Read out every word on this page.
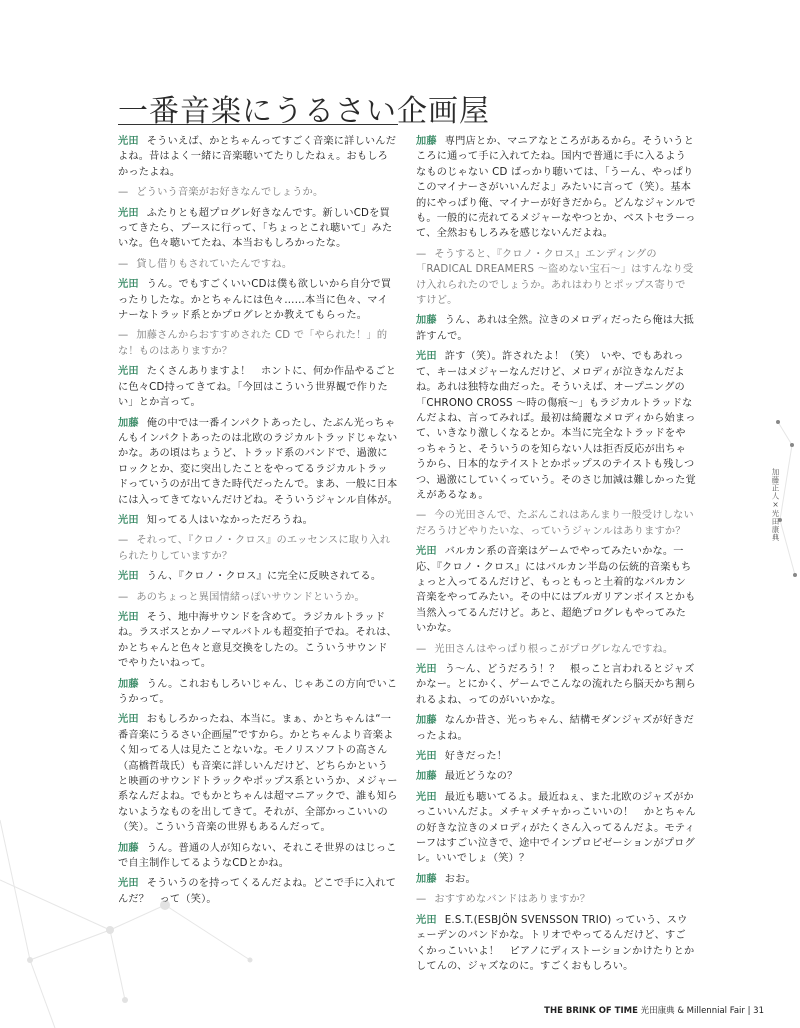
一番音楽にうるさい企画屋

光田 そういえば、かとちゃんってすごく音楽に詳しいんだよね。昔はよく一緒に音楽聴いてたりしたねぇ。おもしろかったよね。

— どういう音楽がお好きなんでしょうか。

光田 ふたりとも超プログレ好きなんです。新しいCDを買ってきたら、ブースに行って、「ちょっとこれ聴いて」みたいな。色々聴いてたね、本当おもしろかったな。

— 貸し借りもされていたんですね。

光田 うん。でもすごくいいCDは僕も欲しいから自分で買ったりしたな。かとちゃんには色々……本当に色々、マイナーなトラッド系とかプログレとか教えてもらった。

— 加藤さんからおすすめされた CD で「やられた！」的な！ものはありますか？

光田 たくさんありますよ！　ホントに、何か作品やるごとに色々CD持ってきてね。「今回はこういう世界観で作りたい」とか言って。

加藤 俺の中では一番インパクトあったし、たぶん光っちゃんもインパクトあったのは北欧のラジカルトラッドじゃないかな。あの頃はちょうど、トラッド系のバンドで、過激にロックとか、変に突出したことをやってるラジカルトラッドっていうのが出てきた時代だったんで。まあ、一般に日本には入ってきてないんだけどね。そういうジャンル自体が。

光田 知ってる人はいなかっただろうね。

— それって、『クロノ・クロス』のエッセンスに取り入れられたりしていますか？

光田 うん、『クロノ・クロス』に完全に反映されてる。

— あのちょっと異国情緒っぽいサウンドというか。

光田 そう、地中海サウンドを含めて。ラジカルトラッドね。ラスボスとかノーマルバトルも超変拍子でね。それは、かとちゃんと色々と意見交換をしたの。こういうサウンドでやりたいねって。

加藤 うん。これおもしろいじゃん、じゃあこの方向でいこうかって。

光田 おもしろかったね、本当に。まぁ、かとちゃんは“一番音楽にうるさい企画屋”ですから。かとちゃんより音楽よく知ってる人は見たことないな。モノリスソフトの高さん（高橋哲哉氏）も音楽に詳しいんだけど、どちらかというと映画のサウンドトラックやポップス系というか、メジャー系なんだよね。でもかとちゃんは超マニアックで、誰も知らないようなものを出してきて。それが、全部かっこいいの（笑）。こういう音楽の世界もあるんだって。

加藤 うん。普通の人が知らない、それこそ世界のはじっこで自主制作してるようなCDとかね。

光田 そういうのを持ってくるんだよね。どこで手に入れてんだ？　って（笑）。

加藤 専門店とか、マニアなところがあるから。そういうところに通って手に入れてたね。国内で普通に手に入るようなものじゃない CD ばっかり聴いては、「うーん、やっぱりこのマイナーさがいいんだよ」みたいに言って（笑）。基本的にやっぱり俺、マイナーが好きだから。どんなジャンルでも。一般的に売れてるメジャーなやつとか、ベストセラーって、全然おもしろみを感じないんだよね。

— そうすると、『クロノ・クロス』エンディングの「RADICAL DREAMERS ～盗めない宝石～」はすんなり受け入れられたのでしょうか。あれはわりとポップス寄りですけど。

加藤 うん、あれは全然。泣きのメロディだったら俺は大抵許すんで。

光田 許す（笑）。許されたよ！（笑）　いや、でもあれって、キーはメジャーなんだけど、メロディが泣きなんだよね。あれは独特な曲だった。そういえば、オープニングの「CHRONO CROSS ～時の傷痕～」もラジカルトラッドなんだよね、言ってみれば。最初は綺麗なメロディから始まって、いきなり激しくなるとか。本当に完全なトラッドをやっちゃうと、そういうのを知らない人は拒否反応が出ちゃうから、日本的なテイストとかポップスのテイストも残しつつ、過激にしていくっていう。そのさじ加減は難しかった覚えがあるなぁ。

— 今の光田さんで、たぶんこれはあんまり一般受けしないだろうけどやりたいな、っていうジャンルはありますか？

光田 バルカン系の音楽はゲームでやってみたいかな。一応、『クロノ・クロス』にはバルカン半島の伝統的音楽もちょっと入ってるんだけど、もっともっと土着的なバルカン音楽をやってみたい。その中にはブルガリアンボイスとかも当然入ってるんだけど。あと、超絶プログレもやってみたいかな。

— 光田さんはやっぱり根っこがプログレなんですね。

光田 う〜ん、どうだろう！？　根っこと言われるとジャズかなー。とにかく、ゲームでこんなの流れたら脳天かち割られるよね、ってのがいいかな。

加藤 なんか昔さ、光っちゃん、結構モダンジャズが好きだったよね。

光田 好きだった！

加藤 最近どうなの？

光田 最近も聴いてるよ。最近ねぇ、また北欧のジャズがかっこいいんだよ。メチャメチャかっこいいの！　かとちゃんの好きな泣きのメロディがたくさん入ってるんだよ。モティーフはすごい泣きで、途中でインプロビゼーションがプログレ。いいでしょ（笑）？

加藤 おお。

— おすすめなバンドはありますか？

光田 E.S.T.(ESBJÖN SVENSSON TRIO) っていう、スウェーデンのバンドかな。トリオでやってるんだけど、すごくかっこいいよ！　ピアノにディストーションかけたりとかしてんの、ジャズなのに。すごくおもしろい。

加藤正人×光田康典
THE BRINK OF TIME 光田康典 & Millennial Fair | 31
